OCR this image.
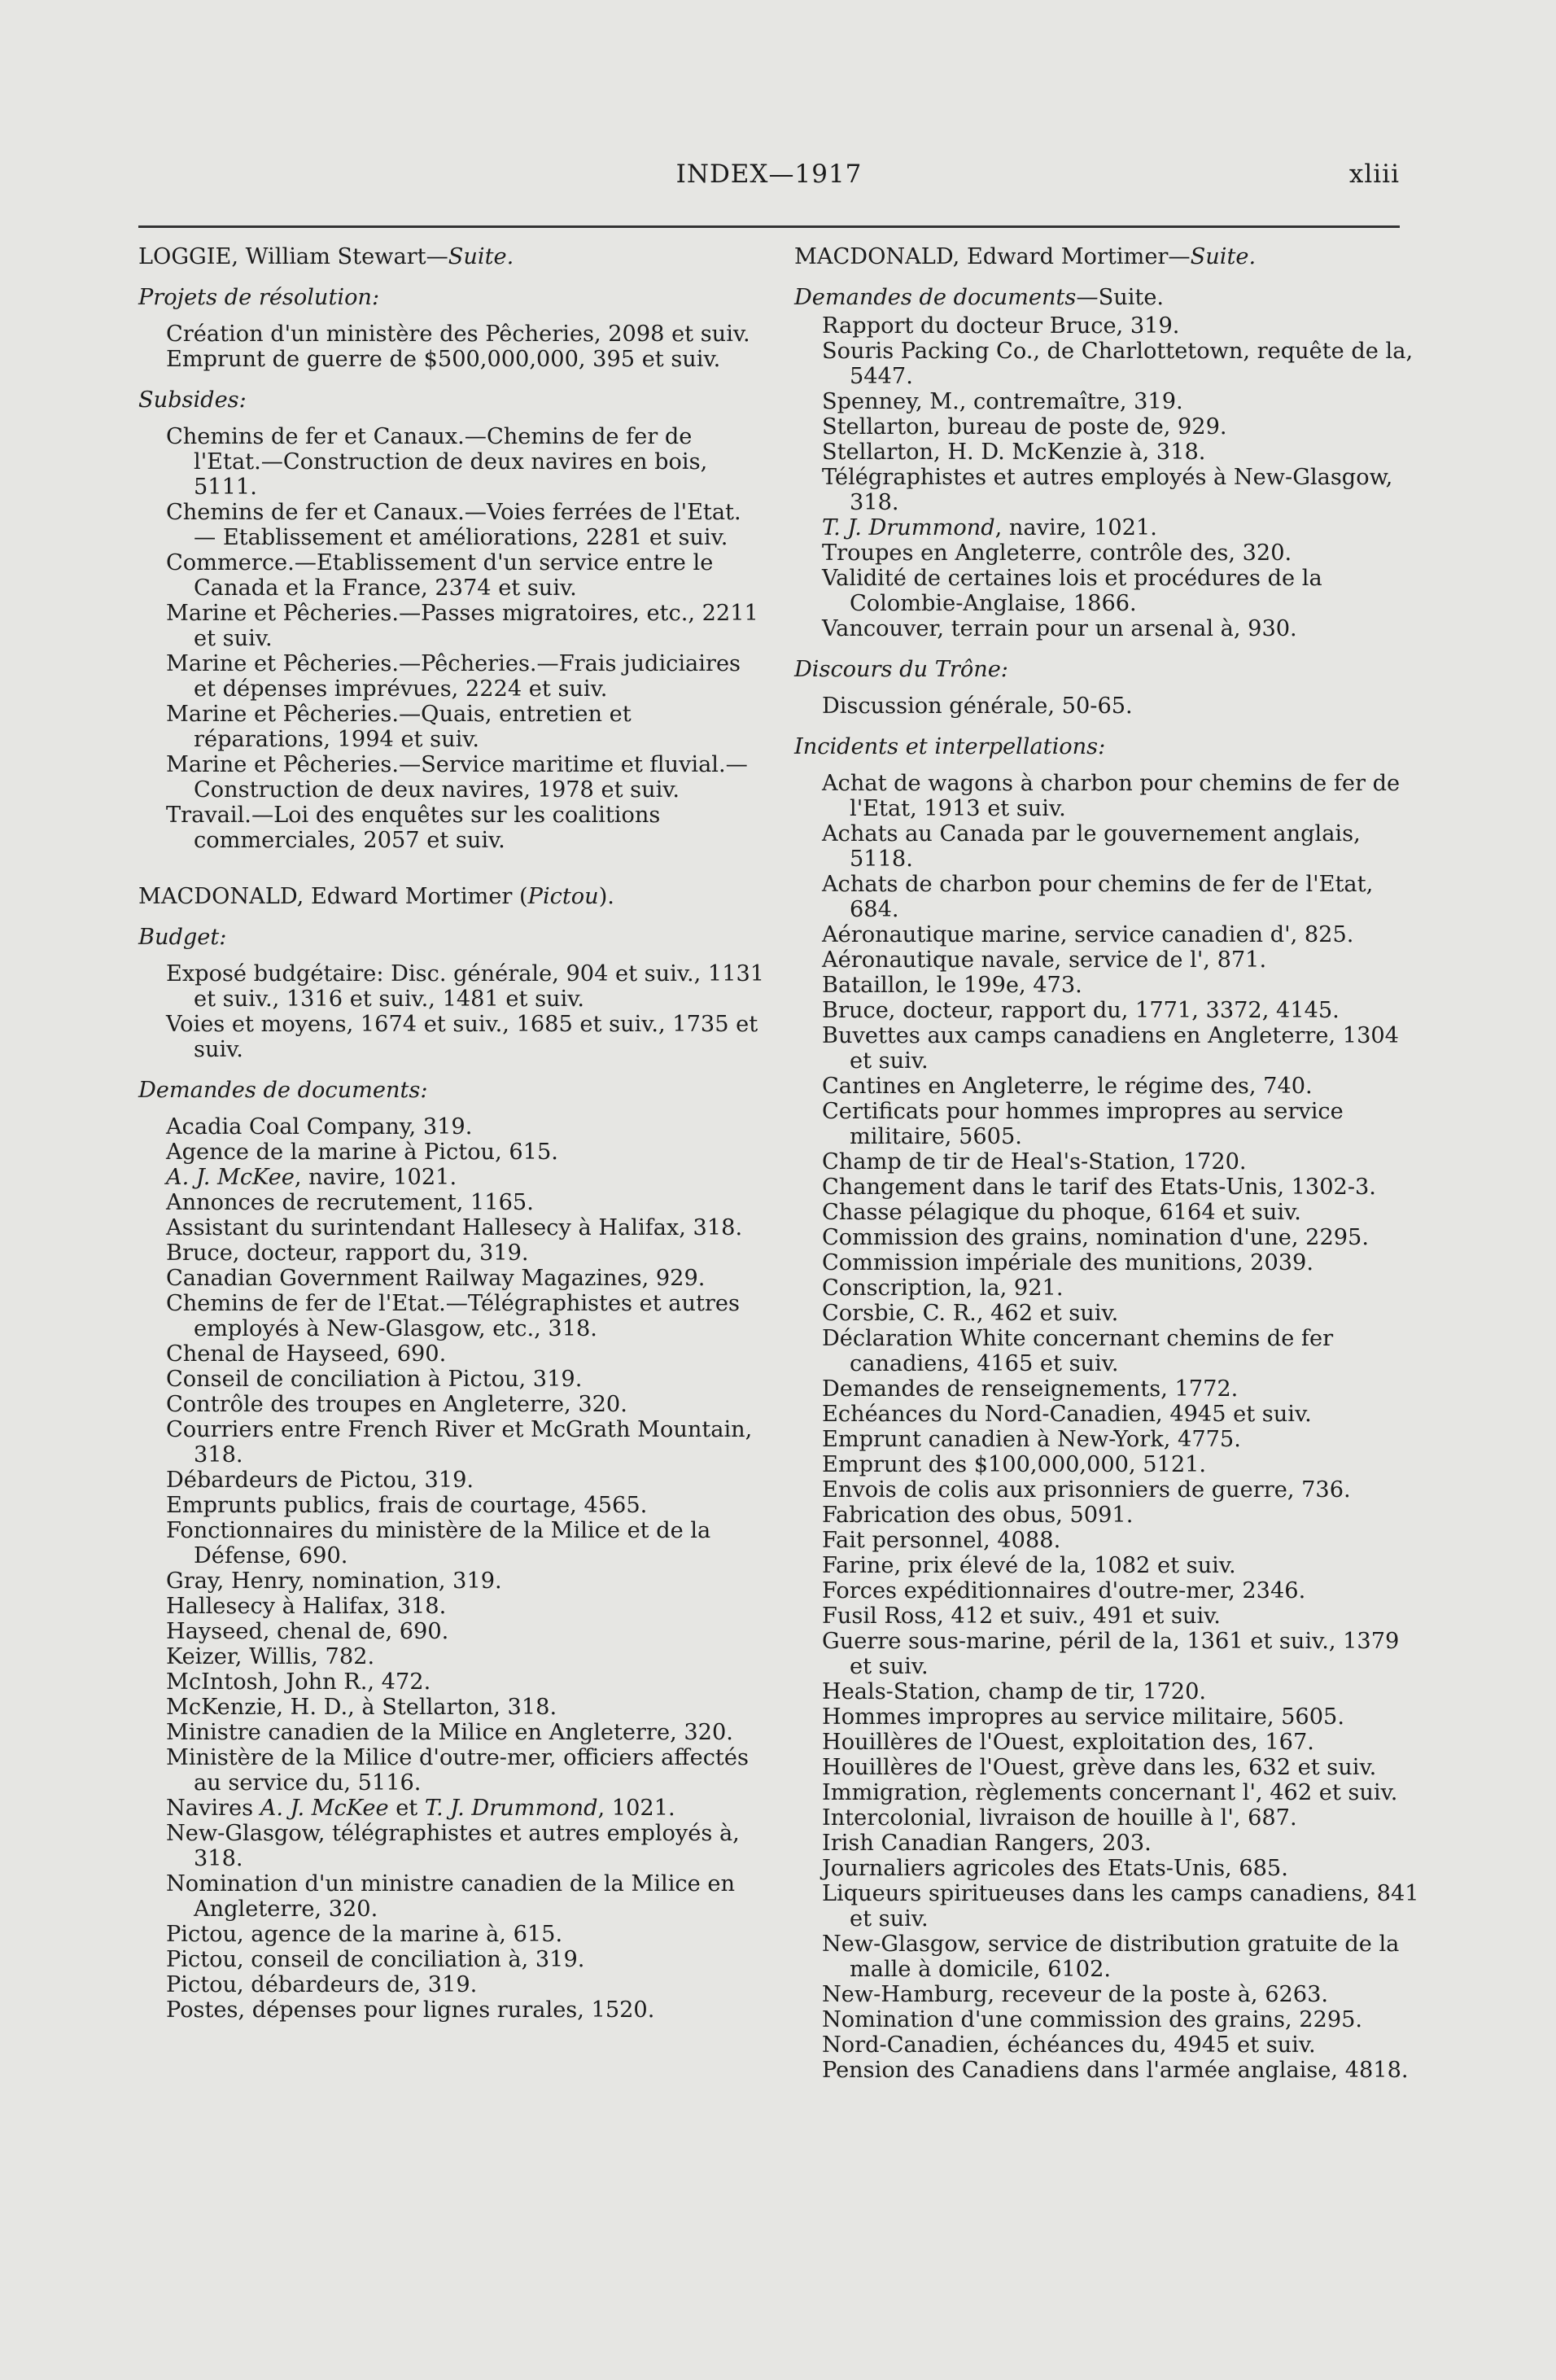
INDEX—1917	xliii

LOGGIE, William Stewart—Suite.

Projets de résolution:

Création d'un ministère des Pêcheries, 2098 et suiv.

Emprunt de guerre de $500,000,000, 395 et suiv.

Subsides:

Chemins de fer et Canaux.—Chemins de fer de l'Etat.—Construction de deux navires en bois, 5111.

Chemins de fer et Canaux.—Voies ferrées de l'Etat. — Etablissement et améliorations, 2281 et suiv.

Commerce.—Etablissement d'un service entre le Canada et la France, 2374 et suiv.

Marine et Pêcheries.—Passes migratoires, etc., 2211 et suiv.

Marine et Pêcheries.—Pêcheries.—Frais judiciaires et dépenses imprévues, 2224 et suiv.

Marine et Pêcheries.—Quais, entretien et réparations, 1994 et suiv.

Marine et Pêcheries.—Service maritime et fluvial.—Construction de deux navires, 1978 et suiv.

Travail.—Loi des enquêtes sur les coalitions commerciales, 2057 et suiv.

MACDONALD, Edward Mortimer (Pictou).

Budget:

Exposé budgétaire: Disc. générale, 904 et suiv., 1131 et suiv., 1316 et suiv., 1481 et suiv.

Voies et moyens, 1674 et suiv., 1685 et suiv., 1735 et suiv.

Demandes de documents:

Acadia Coal Company, 319.

Agence de la marine à Pictou, 615.

A. J. McKee, navire, 1021.

Annonces de recrutement, 1165.

Assistant du surintendant Hallesecy à Halifax, 318.

Bruce, docteur, rapport du, 319.

Canadian Government Railway Magazines, 929.

Chemins de fer de l'Etat.—Télégraphistes et autres employés à New-Glasgow, etc., 318.

Chenal de Hayseed, 690.

Conseil de conciliation à Pictou, 319.

Contrôle des troupes en Angleterre, 320.

Courriers entre French River et McGrath Mountain, 318.

Débardeurs de Pictou, 319.

Emprunts publics, frais de courtage, 4565.

Fonctionnaires du ministère de la Milice et de la Défense, 690.

Gray, Henry, nomination, 319.

Hallesecy à Halifax, 318.

Hayseed, chenal de, 690.

Keizer, Willis, 782.

McIntosh, John R., 472.

McKenzie, H. D., à Stellarton, 318.

Ministre canadien de la Milice en Angleterre, 320.

Ministère de la Milice d'outre-mer, officiers affectés au service du, 5116.

Navires A. J. McKee et T. J. Drummond, 1021.

New-Glasgow, télégraphistes et autres employés à, 318.

Nomination d'un ministre canadien de la Milice en Angleterre, 320.

Pictou, agence de la marine à, 615.

Pictou, conseil de conciliation à, 319.

Pictou, débardeurs de, 319.

Postes, dépenses pour lignes rurales, 1520.

MACDONALD, Edward Mortimer—Suite.

Demandes de documents—Suite.

Rapport du docteur Bruce, 319.

Souris Packing Co., de Charlottetown, requête de la, 5447.

Spenney, M., contremaître, 319.

Stellarton, bureau de poste de, 929.

Stellarton, H. D. McKenzie à, 318.

Télégraphistes et autres employés à New-Glasgow, 318.

T. J. Drummond, navire, 1021.

Troupes en Angleterre, contrôle des, 320.

Validité de certaines lois et procédures de la Colombie-Anglaise, 1866.

Vancouver, terrain pour un arsenal à, 930.

Discours du Trône:

Discussion générale, 50-65.

Incidents et interpellations:

Achat de wagons à charbon pour chemins de fer de l'Etat, 1913 et suiv.

Achats au Canada par le gouvernement anglais, 5118.

Achats de charbon pour chemins de fer de l'Etat, 684.

Aéronautique marine, service canadien d', 825.

Aéronautique navale, service de l', 871.

Bataillon, le 199e, 473.

Bruce, docteur, rapport du, 1771, 3372, 4145.

Buvettes aux camps canadiens en Angleterre, 1304 et suiv.

Cantines en Angleterre, le régime des, 740.

Certificats pour hommes impropres au service militaire, 5605.

Champ de tir de Heal's-Station, 1720.

Changement dans le tarif des Etats-Unis, 1302-3.

Chasse pélagique du phoque, 6164 et suiv.

Commission des grains, nomination d'une, 2295.

Commission impériale des munitions, 2039.

Conscription, la, 921.

Corsbie, C. R., 462 et suiv.

Déclaration White concernant chemins de fer canadiens, 4165 et suiv.

Demandes de renseignements, 1772.

Echéances du Nord-Canadien, 4945 et suiv.

Emprunt canadien à New-York, 4775.

Emprunt des $100,000,000, 5121.

Envois de colis aux prisonniers de guerre, 736.

Fabrication des obus, 5091.

Fait personnel, 4088.

Farine, prix élevé de la, 1082 et suiv.

Forces expéditionnaires d'outre-mer, 2346.

Fusil Ross, 412 et suiv., 491 et suiv.

Guerre sous-marine, péril de la, 1361 et suiv., 1379 et suiv.

Heals-Station, champ de tir, 1720.

Hommes impropres au service militaire, 5605.

Houillères de l'Ouest, exploitation des, 167.

Houillères de l'Ouest, grève dans les, 632 et suiv.

Immigration, règlements concernant l', 462 et suiv.

Intercolonial, livraison de houille à l', 687.

Irish Canadian Rangers, 203.

Journaliers agricoles des Etats-Unis, 685.

Liqueurs spiritueuses dans les camps canadiens, 841 et suiv.

New-Glasgow, service de distribution gratuite de la malle à domicile, 6102.

New-Hamburg, receveur de la poste à, 6263.

Nomination d'une commission des grains, 2295.

Nord-Canadien, échéances du, 4945 et suiv.

Pension des Canadiens dans l'armée anglaise, 4818.
